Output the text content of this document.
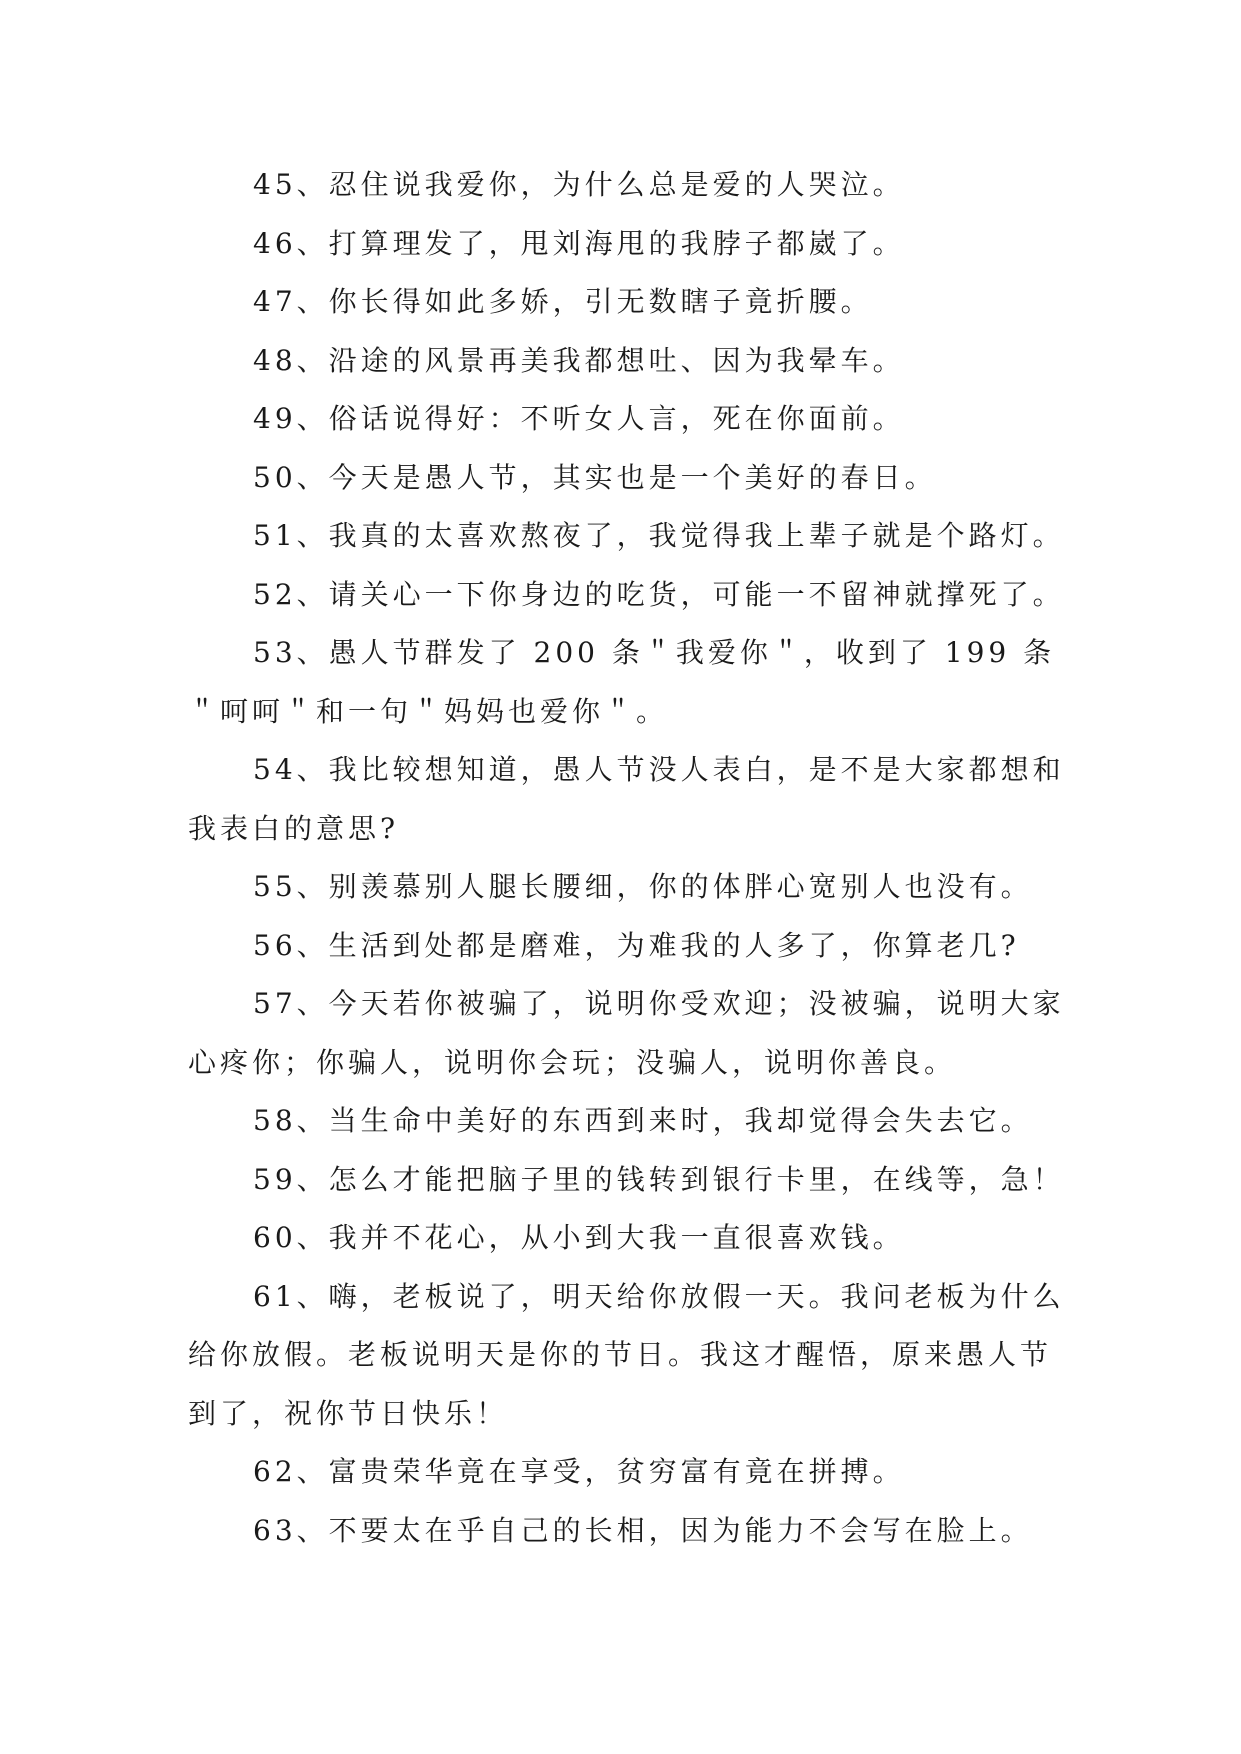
45、忍住说我爱你，为什么总是爱的人哭泣。

46、打算理发了，甩刘海甩的我脖子都崴了。

47、你长得如此多娇，引无数瞎子竟折腰。

48、沿途的风景再美我都想吐、因为我晕车。

49、俗话说得好：不听女人言，死在你面前。

50、今天是愚人节，其实也是一个美好的春日。

51、我真的太喜欢熬夜了，我觉得我上辈子就是个路灯。

52、请关心一下你身边的吃货，可能一不留神就撑死了。

53、愚人节群发了 200 条＂我爱你＂，收到了 199 条＂呵呵＂和一句＂妈妈也爱你＂。

54、我比较想知道，愚人节没人表白，是不是大家都想和我表白的意思?

55、别羡慕别人腿长腰细，你的体胖心宽别人也没有。

56、生活到处都是磨难，为难我的人多了，你算老几?

57、今天若你被骗了，说明你受欢迎；没被骗，说明大家心疼你；你骗人，说明你会玩；没骗人，说明你善良。

58、当生命中美好的东西到来时，我却觉得会失去它。

59、怎么才能把脑子里的钱转到银行卡里，在线等，急！

60、我并不花心，从小到大我一直很喜欢钱。

61、嗨，老板说了，明天给你放假一天。我问老板为什么给你放假。老板说明天是你的节日。我这才醒悟，原来愚人节到了，祝你节日快乐！

62、富贵荣华竟在享受，贫穷富有竟在拼搏。

63、不要太在乎自己的长相，因为能力不会写在脸上。
